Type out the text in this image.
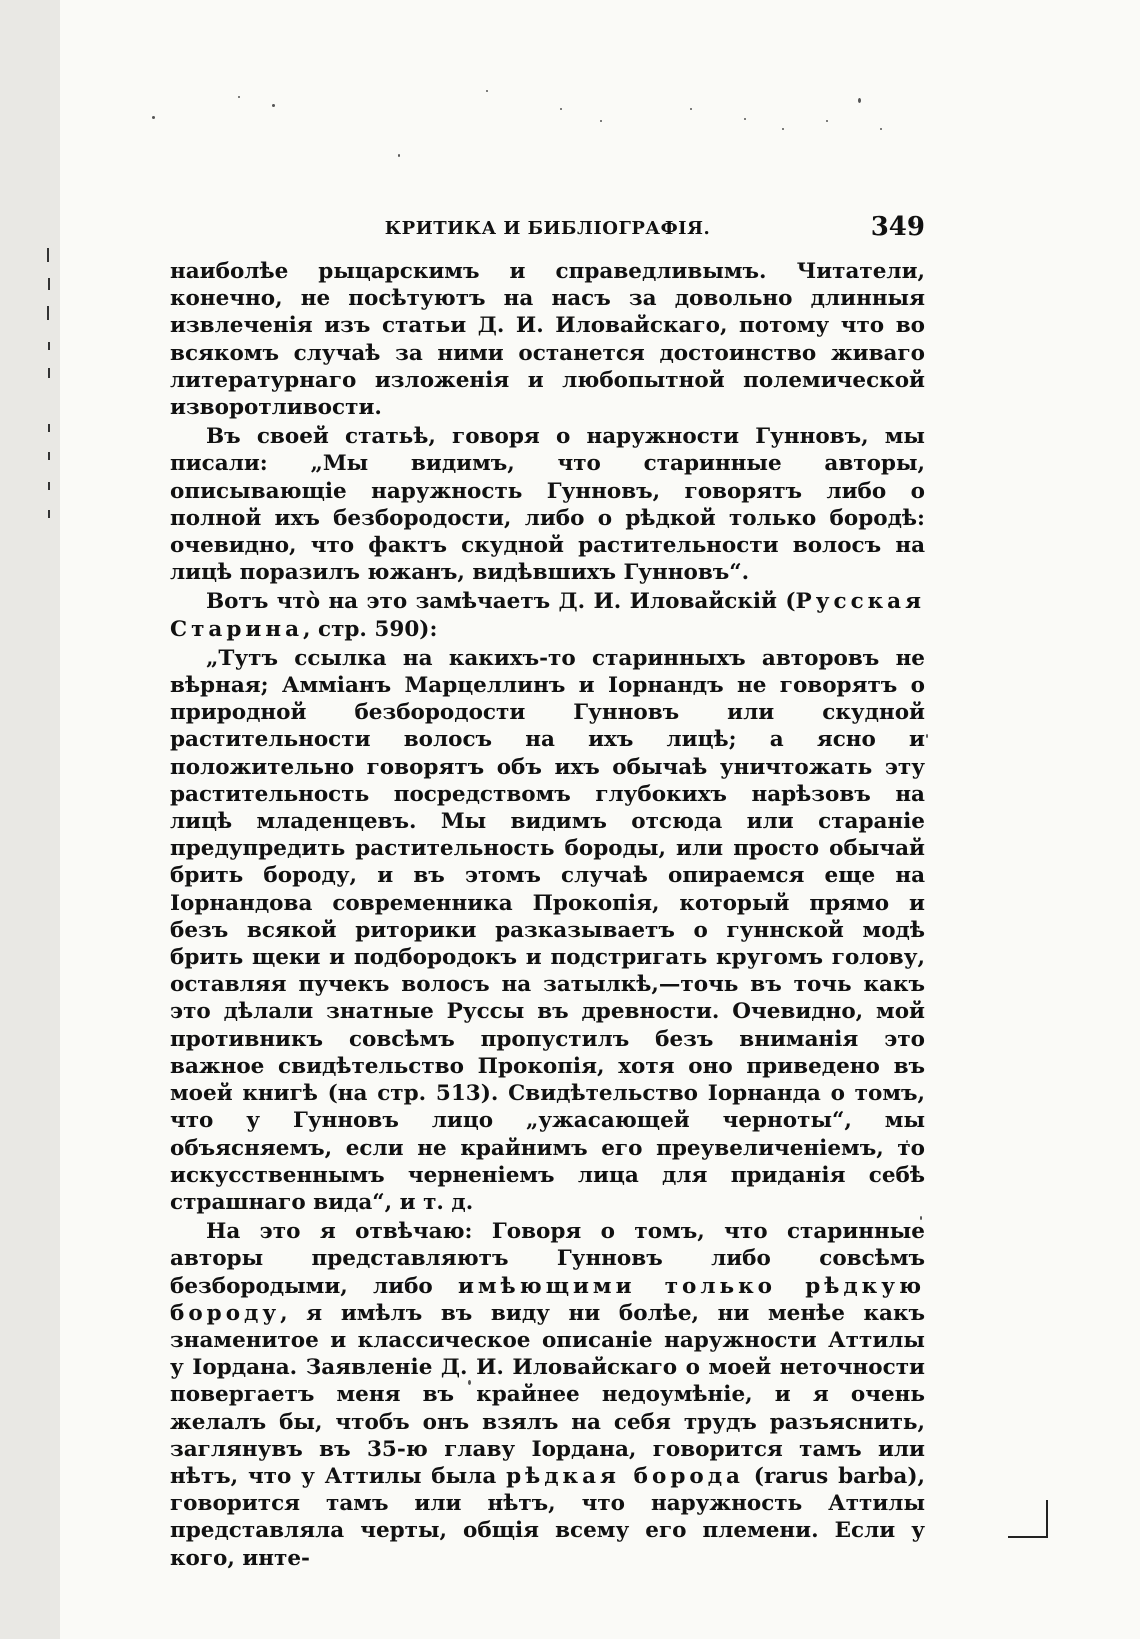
КРИТИКА И БИБЛІОГРАФІЯ.	349

наиболѣе рыцарскимъ и справедливымъ. Читатели, конечно, не посѣтуютъ на насъ за довольно длинныя извлеченія изъ статьи Д. И. Иловайскаго, потому что во всякомъ случаѣ за ними останется достоинство живаго литературнаго изложенія и любопытной полемической изворотливости.

Въ своей статьѣ, говоря о наружности Гунновъ, мы писали: „Мы видимъ, что старинные авторы, описывающіе наружность Гунновъ, говорятъ либо о полной ихъ безбородости, либо о рѣдкой только бородѣ: очевидно, что фактъ скудной растительности волосъ на лицѣ поразилъ южанъ, видѣвшихъ Гунновъ“.

Вотъ чтò на это замѣчаетъ Д. И. Иловайскій (Русская Старина, стр. 590):

„Тутъ ссылка на какихъ-то старинныхъ авторовъ не вѣрная; Амміанъ Марцеллинъ и Іорнандъ не говорятъ о природной безбородости Гунновъ или скудной растительности волосъ на ихъ лицѣ; а ясно и положительно говорятъ объ ихъ обычаѣ уничтожать эту растительность посредствомъ глубокихъ нарѣзовъ на лицѣ младенцевъ. Мы видимъ отсюда или стараніе предупредить растительность бороды, или просто обычай брить бороду, и въ этомъ случаѣ опираемся еще на Іорнандова современника Прокопія, который прямо и безъ всякой риторики разказываетъ о гуннской модѣ брить щеки и подбородокъ и подстригать кругомъ голову, оставляя пучекъ волосъ на затылкѣ,—точь въ точь какъ это дѣлали знатные Руссы въ древности. Очевидно, мой противникъ совсѣмъ пропустилъ безъ вниманія это важное свидѣтельство Прокопія, хотя оно приведено въ моей книгѣ (на стр. 513). Свидѣтельство Іорнанда о томъ, что у Гунновъ лицо „ужасающей черноты“, мы объясняемъ, если не крайнимъ его преувеличеніемъ, то искусственнымъ черненіемъ лица для приданія себѣ страшнаго вида“, и т. д.

На это я отвѣчаю: Говоря о томъ, что старинные авторы представляютъ Гунновъ либо совсѣмъ безбородыми, либо имѣющими только рѣдкую бороду, я имѣлъ въ виду ни болѣе, ни менѣе какъ знаменитое и классическое описаніе наружности Аттилы у Іордана. Заявленіе Д. И. Иловайскаго о моей неточности повергаетъ меня въ крайнее недоумѣніе, и я очень желалъ бы, чтобъ онъ взялъ на себя трудъ разъяснить, заглянувъ въ 35-ю главу Іордана, говорится тамъ или нѣтъ, что у Аттилы была рѣдкая борода (rarus barba), говорится тамъ или нѣтъ, что наружность Аттилы представляла черты, общія всему его племени. Если у кого, инте-
